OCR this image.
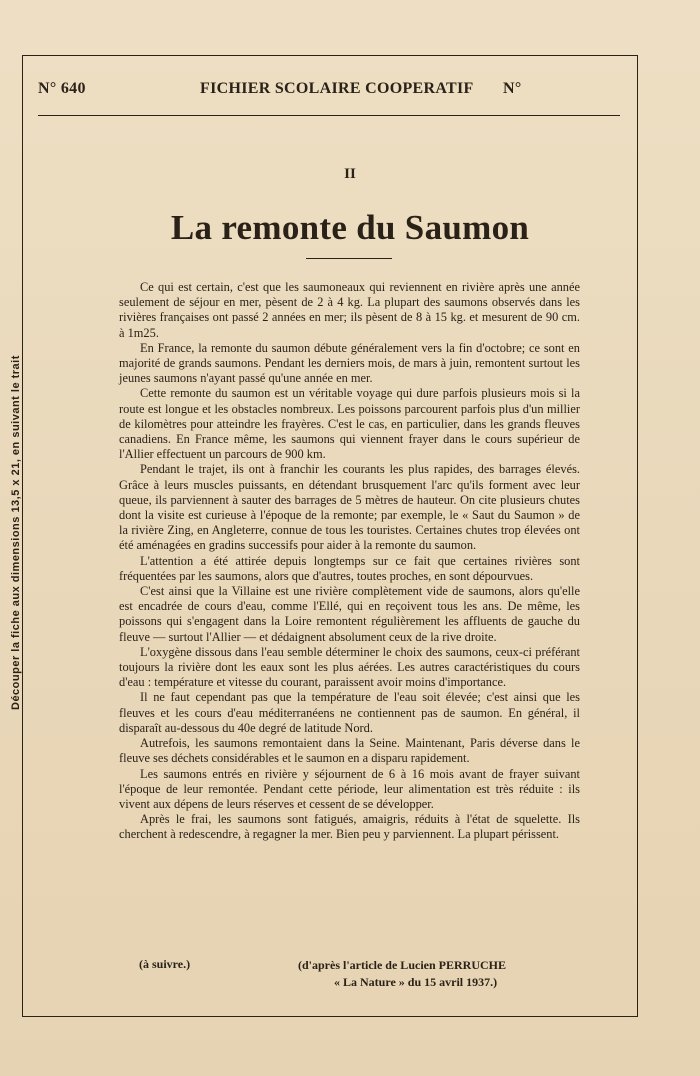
Découper la fiche aux dimensions 13,5 x 21, en suivant le trait
N° 640	FICHIER SCOLAIRE COOPERATIF N°
II
La remonte du Saumon

Ce qui est certain, c'est que les saumoneaux qui reviennent en rivière après une année seulement de séjour en mer, pèsent de 2 à 4 kg. La plupart des saumons observés dans les rivières françaises ont passé 2 années en mer; ils pèsent de 8 à 15 kg. et mesurent de 90 cm. à 1m25.

En France, la remonte du saumon débute généralement vers la fin d'octobre; ce sont en majorité de grands saumons. Pendant les derniers mois, de mars à juin, remontent surtout les jeunes saumons n'ayant passé qu'une année en mer.

Cette remonte du saumon est un véritable voyage qui dure parfois plusieurs mois si la route est longue et les obstacles nombreux. Les poissons parcourent parfois plus d'un millier de kilomètres pour atteindre les frayères. C'est le cas, en particulier, dans les grands fleuves canadiens. En France même, les saumons qui viennent frayer dans le cours supérieur de l'Allier effectuent un parcours de 900 km.

Pendant le trajet, ils ont à franchir les courants les plus rapides, des barrages élevés. Grâce à leurs muscles puissants, en détendant brusquement l'arc qu'ils forment avec leur queue, ils parviennent à sauter des barrages de 5 mètres de hauteur. On cite plusieurs chutes dont la visite est curieuse à l'époque de la remonte; par exemple, le « Saut du Saumon » de la rivière Zing, en Angleterre, connue de tous les touristes. Certaines chutes trop élevées ont été aménagées en gradins successifs pour aider à la remonte du saumon.

L'attention a été attirée depuis longtemps sur ce fait que certaines rivières sont fréquentées par les saumons, alors que d'autres, toutes proches, en sont dépourvues.

C'est ainsi que la Villaine est une rivière complètement vide de saumons, alors qu'elle est encadrée de cours d'eau, comme l'Ellé, qui en reçoivent tous les ans. De même, les poissons qui s'engagent dans la Loire remontent régulièrement les affluents de gauche du fleuve — surtout l'Allier — et dédaignent absolument ceux de la rive droite.

L'oxygène dissous dans l'eau semble déterminer le choix des saumons, ceux-ci préférant toujours la rivière dont les eaux sont les plus aérées. Les autres caractéristiques du cours d'eau : température et vitesse du courant, paraissent avoir moins d'importance.

Il ne faut cependant pas que la température de l'eau soit élevée; c'est ainsi que les fleuves et les cours d'eau méditerranéens ne contiennent pas de saumon. En général, il disparaît au-dessous du 40e degré de latitude Nord.

Autrefois, les saumons remontaient dans la Seine. Maintenant, Paris déverse dans le fleuve ses déchets considérables et le saumon en a disparu rapidement.

Les saumons entrés en rivière y séjournent de 6 à 16 mois avant de frayer suivant l'époque de leur remontée. Pendant cette période, leur alimentation est très réduite : ils vivent aux dépens de leurs réserves et cessent de se développer.

Après le frai, les saumons sont fatigués, amaigris, réduits à l'état de squelette. Ils cherchent à redescendre, à regagner la mer. Bien peu y parviennent. La plupart périssent.

(à suivre.)	(d'après l'article de Lucien PERRUCHE
« La Nature » du 15 avril 1937.)
